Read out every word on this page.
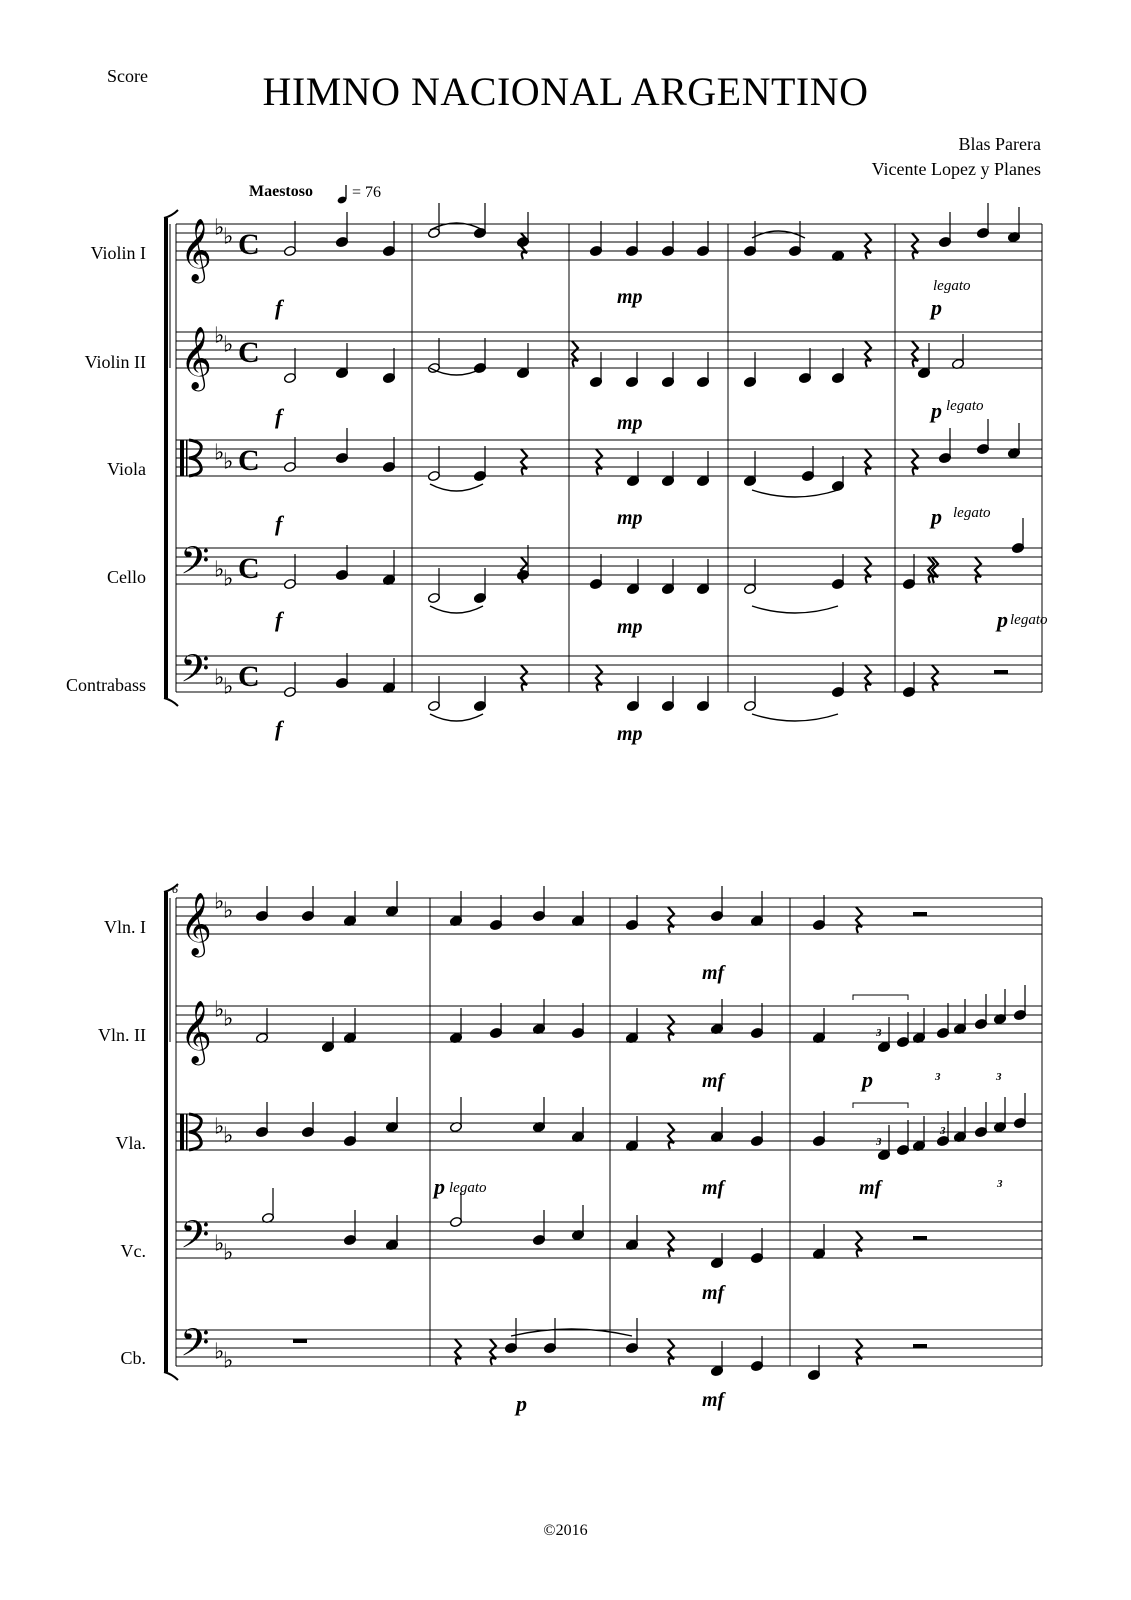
Score	HIMNO NACIONAL ARGENTINO
Blas Parera
Vicente Lopez y Planes
Maestoso = 76
Violin I
Violin II
Viola
Cello
Contrabass
Vln. I
Vln. II
Vla.
Vc.
Cb.
𝄞 ♭
♭ C
𝄞 ♭
♭ C
♭
♭ C
𝄢 ♭
♭ C
𝄢 ♭
♭ C
𝄞 ♭
♭
𝄞 ♭
♭
♭
♭
𝄢 ♭
♭
𝄢 ♭
♭
f
f
f
f
f
mp
mp
mp
mp
mp
legato
p
p legato
p legato
p legato
6
mf
mf
mf
mf
mf
p
p legato	mf
p
3
3	3
3
3
3
©2016
